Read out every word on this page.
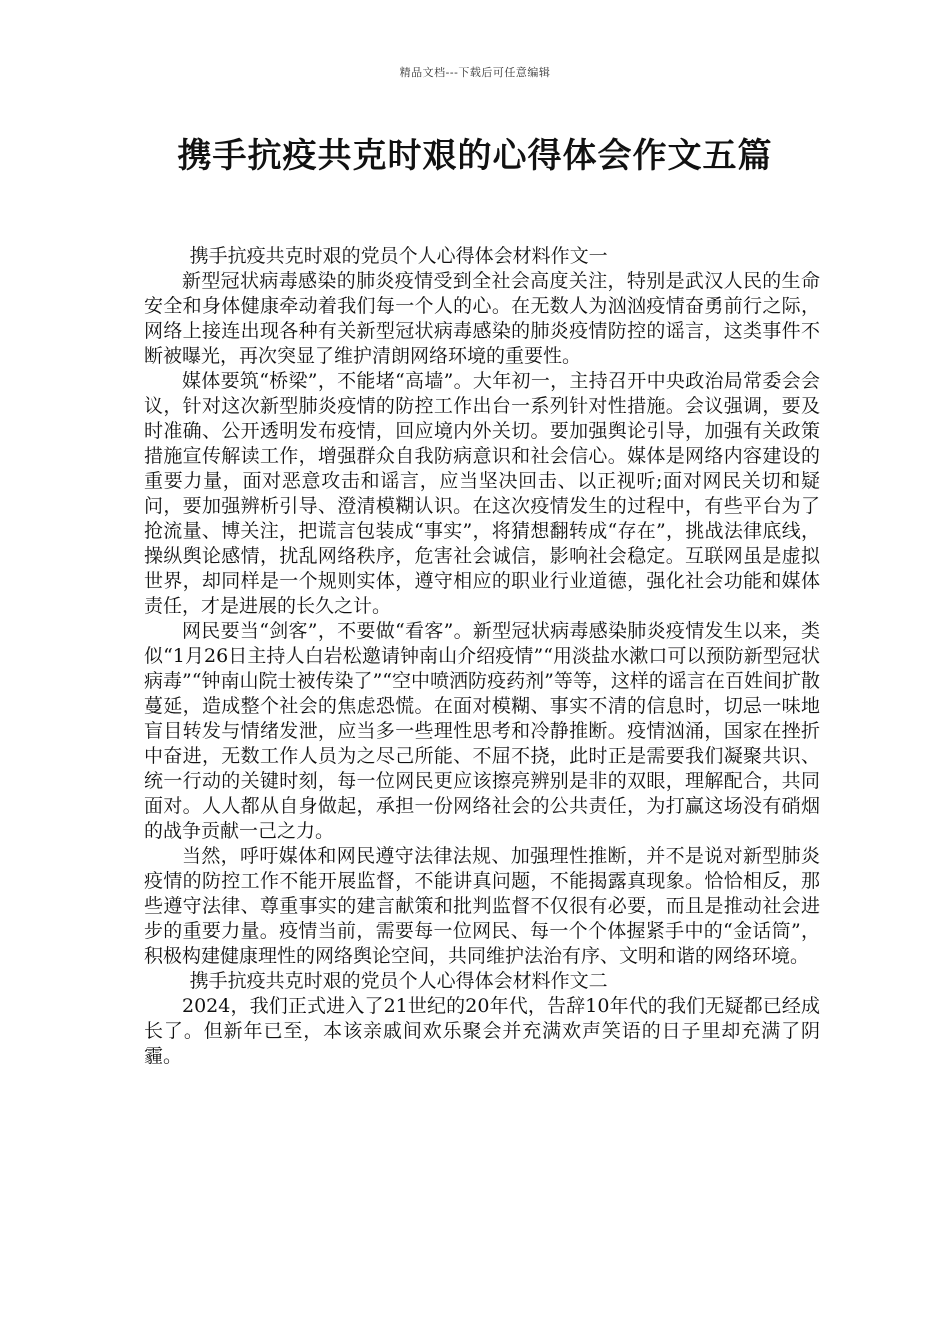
精品文档---下载后可任意编辑
携手抗疫共克时艰的心得体会作文五篇

携手抗疫共克时艰的党员个人心得体会材料作文一

新型冠状病毒感染的肺炎疫情受到全社会高度关注，特别是武汉人民的生命安全和身体健康牵动着我们每一个人的心。在无数人为汹汹疫情奋勇前行之际，网络上接连出现各种有关新型冠状病毒感染的肺炎疫情防控的谣言，这类事件不断被曝光，再次突显了维护清朗网络环境的重要性。

媒体要筑“桥梁”，不能堵“高墙”。大年初一，主持召开中央政治局常委会会议，针对这次新型肺炎疫情的防控工作出台一系列针对性措施。会议强调，要及时准确、公开透明发布疫情，回应境内外关切。要加强舆论引导，加强有关政策措施宣传解读工作，增强群众自我防病意识和社会信心。媒体是网络内容建设的重要力量，面对恶意攻击和谣言，应当坚决回击、以正视听;面对网民关切和疑问，要加强辨析引导、澄清模糊认识。在这次疫情发生的过程中，有些平台为了抢流量、博关注，把谎言包装成“事实”，将猜想翻转成“存在”，挑战法律底线，操纵舆论感情，扰乱网络秩序，危害社会诚信，影响社会稳定。互联网虽是虚拟世界，却同样是一个规则实体，遵守相应的职业行业道德，强化社会功能和媒体责任，才是进展的长久之计。

网民要当“剑客”，不要做“看客”。新型冠状病毒感染肺炎疫情发生以来，类似“1月26日主持人白岩松邀请钟南山介绍疫情”“用淡盐水漱口可以预防新型冠状病毒”“钟南山院士被传染了”“空中喷洒防疫药剂”等等，这样的谣言在百姓间扩散蔓延，造成整个社会的焦虑恐慌。在面对模糊、事实不清的信息时，切忌一味地盲目转发与情绪发泄，应当多一些理性思考和冷静推断。疫情汹涌，国家在挫折中奋进，无数工作人员为之尽己所能、不屈不挠，此时正是需要我们凝聚共识、统一行动的关键时刻，每一位网民更应该擦亮辨别是非的双眼，理解配合，共同面对。人人都从自身做起，承担一份网络社会的公共责任，为打赢这场没有硝烟的战争贡献一己之力。

当然，呼吁媒体和网民遵守法律法规、加强理性推断，并不是说对新型肺炎疫情的防控工作不能开展监督，不能讲真问题，不能揭露真现象。恰恰相反，那些遵守法律、尊重事实的建言献策和批判监督不仅很有必要，而且是推动社会进步的重要力量。疫情当前，需要每一位网民、每一个个体握紧手中的“金话筒”，积极构建健康理性的网络舆论空间，共同维护法治有序、文明和谐的网络环境。

携手抗疫共克时艰的党员个人心得体会材料作文二

2024，我们正式进入了21世纪的20年代，告辞10年代的我们无疑都已经成长了。但新年已至，本该亲戚间欢乐聚会并充满欢声笑语的日子里却充满了阴霾。
